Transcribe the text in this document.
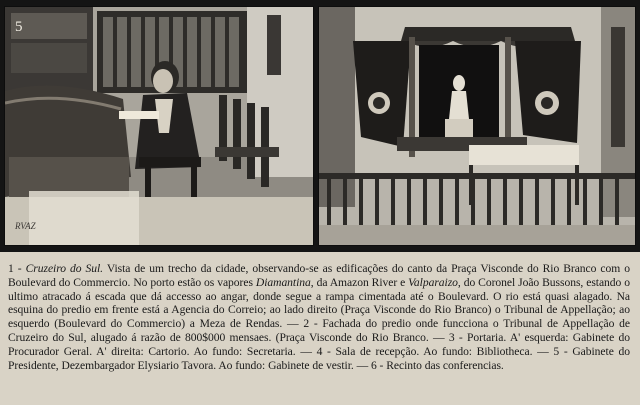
5
RVAZ
1 - Cruzeiro do Sul. Vista de um trecho da cidade, observando-se as edificações do canto da Praça Visconde do Rio Branco com o Boulevard do Commercio. No porto estão os vapores Diamantina, da Amazon River e Valparaizo, do Coronel João Bussons, estando o ultimo atracado á escada que dá accesso ao angar, donde segue a rampa cimentada até o Boulevard. O rio está quasi alagado. Na esquina do predio em frente está a Agencia do Correio; ao lado direito (Praça Visconde do Rio Branco) o Tribunal de Appellação; ao esquerdo (Boulevard do Commercio) a Meza de Rendas. — 2 - Fachada do predio onde funcciona o Tribunal de Appellação de Cruzeiro do Sul, alugado á razão de 800$000 mensaes. (Praça Visconde do Rio Branco. — 3 - Portaria. A' esquerda: Gabinete do Procurador Geral. A' direita: Cartorio. Ao fundo: Secretaria. — 4 - Sala de recepção. Ao fundo: Bibliotheca. — 5 - Gabinete do Presidente, Dezembargador Elysiario Tavora. Ao fundo: Gabinete de vestir. — 6 - Recinto das conferencias.
